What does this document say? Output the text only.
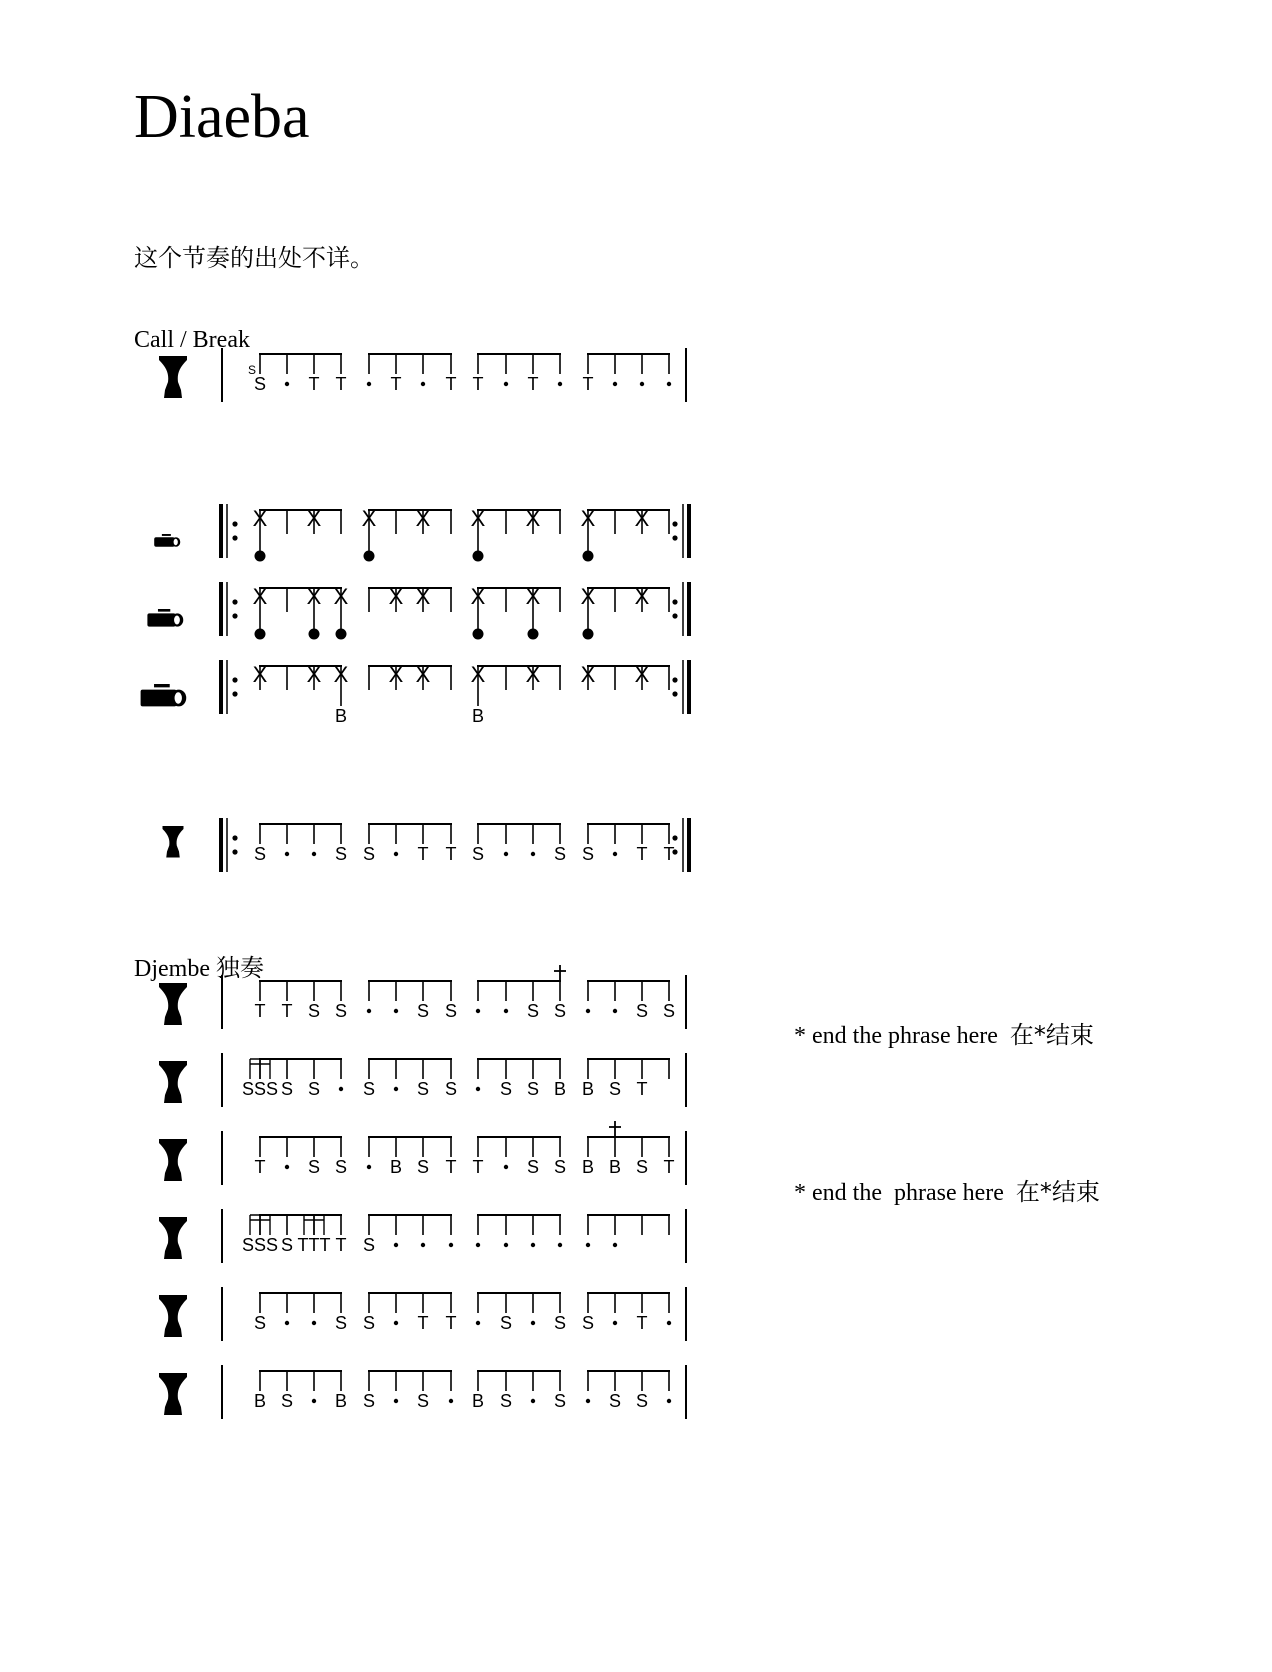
Diaeba
这个节奏的出处不详。
Call / Break
Djembe 独奏
* end the phrase here 在*结束
* end the  phrase here 在*结束
S
S
T T T T T T T
X X X X X X X X
X X X X X X X X X
X X X X X X X X X
B	B
S	S S T T S	S S T T
T T S S	S S	S S	S S
SSS S S S S S S S B B S T
T S S B S T T S S B B S T
SSS S TTT T S
S	S S T T S S S T
B S B S S B S S S S
